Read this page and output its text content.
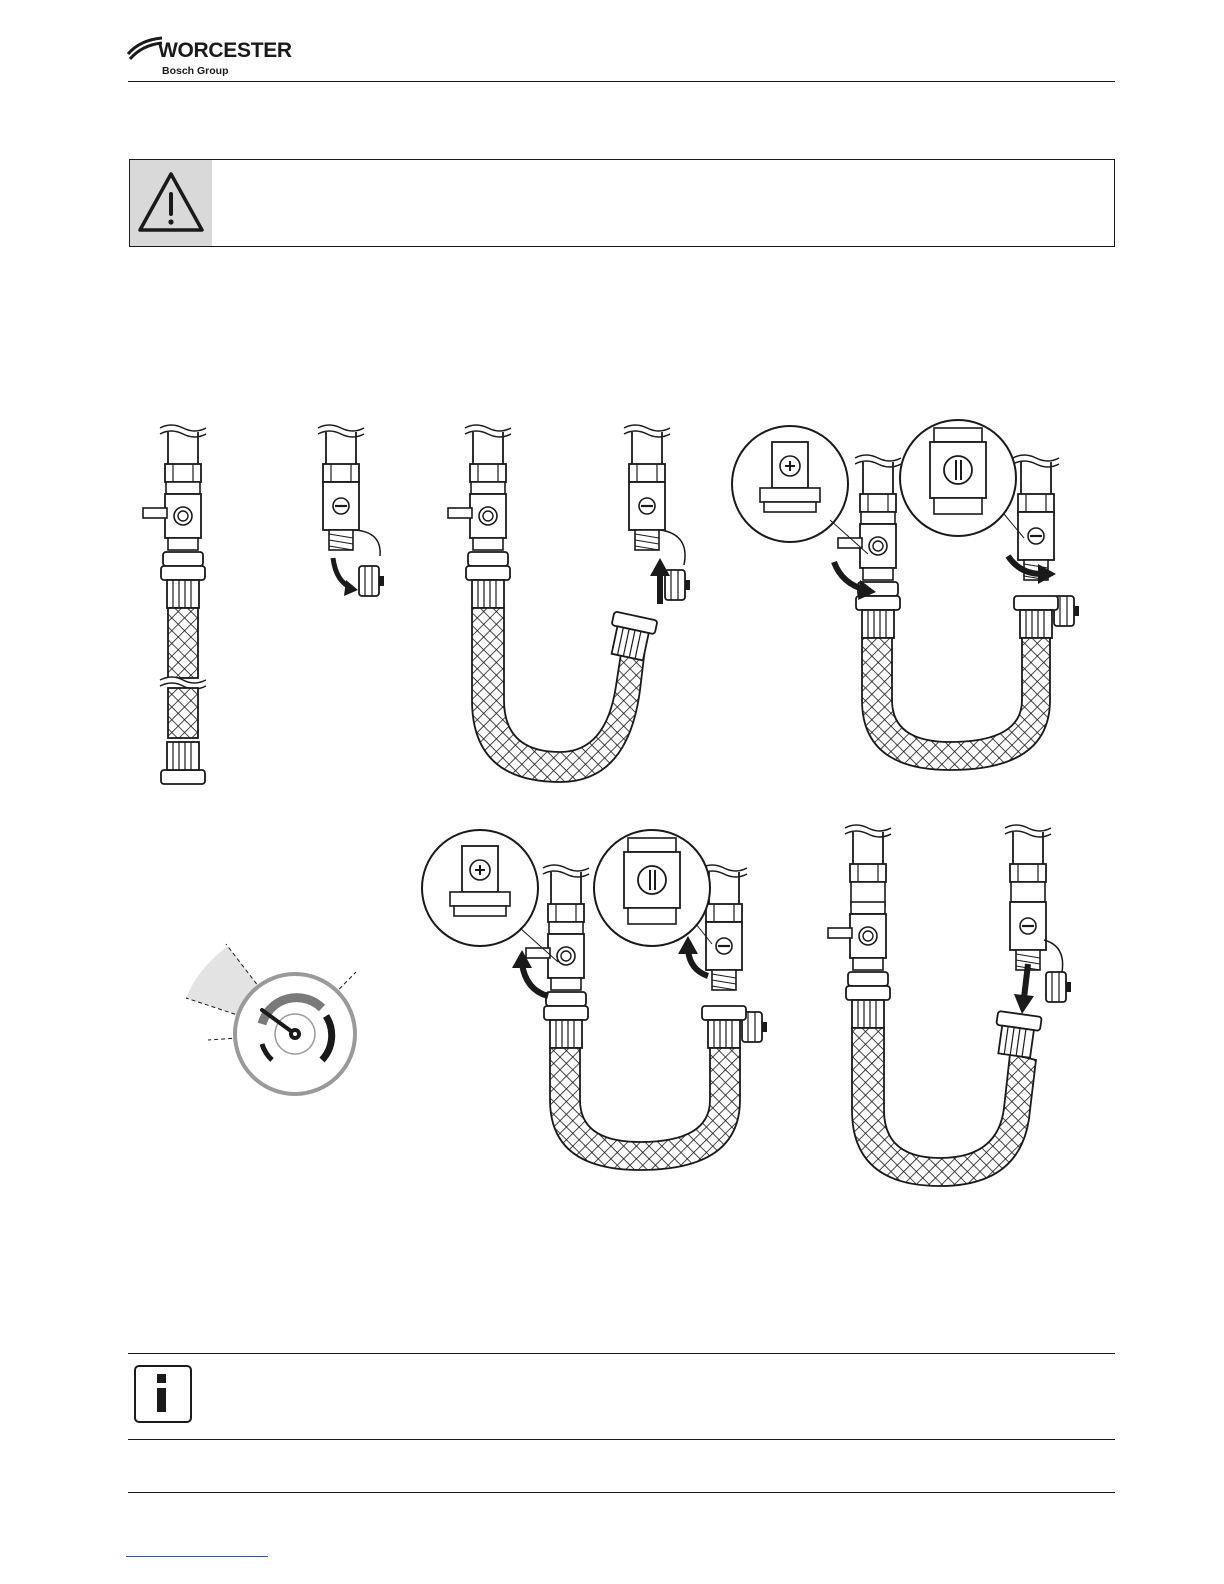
WORCESTER
Bosch Group
